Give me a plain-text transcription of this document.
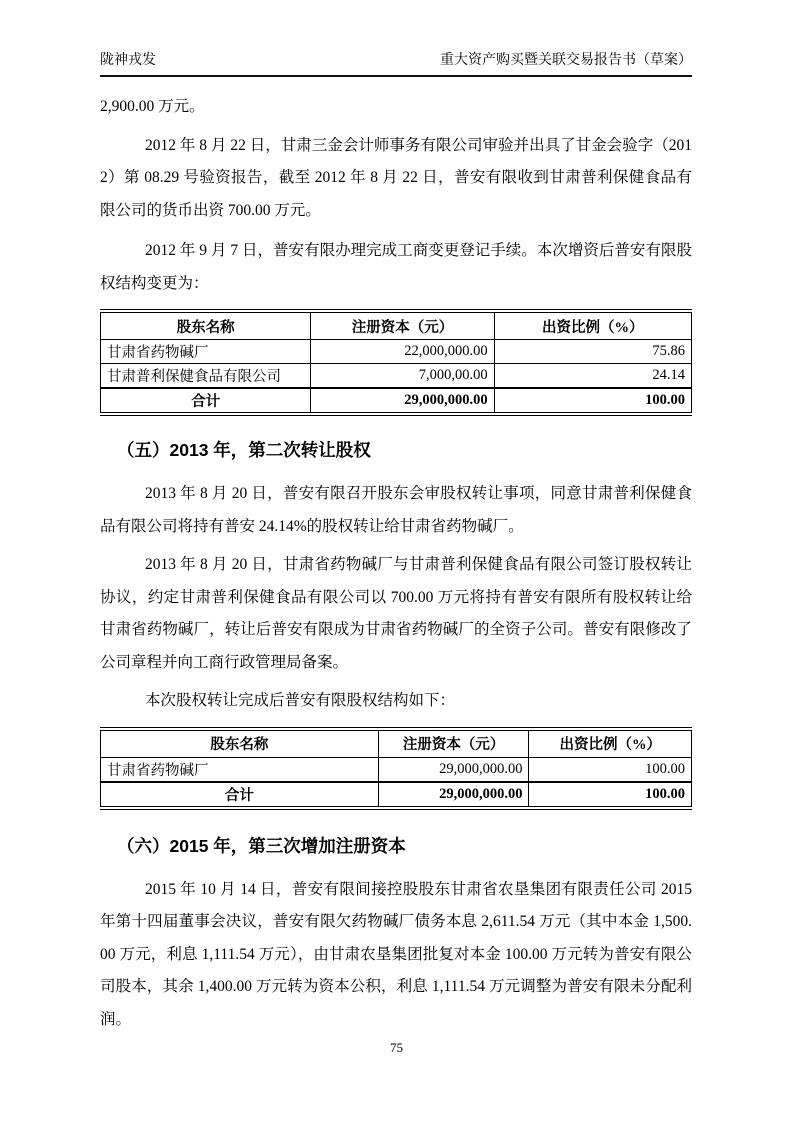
陇神戎发	重大资产购买暨关联交易报告书（草案）

2,900.00 万元。

2012 年 8 月 22 日，甘肃三金会计师事务有限公司审验并出具了甘金会验字（2012）第 08.29 号验资报告，截至 2012 年 8 月 22 日，普安有限收到甘肃普利保健食品有限公司的货币出资 700.00 万元。

2012 年 9 月 7 日，普安有限办理完成工商变更登记手续。本次增资后普安有限股权结构变更为：

股东名称	注册资本（元）	出资比例（%）
甘肃省药物碱厂	22,000,000.00	75.86
甘肃普利保健食品有限公司	7,000,00.00	24.14
合计	29,000,000.00	100.00
（五）2013 年，第二次转让股权

2013 年 8 月 20 日，普安有限召开股东会审股权转让事项，同意甘肃普利保健食品有限公司将持有普安 24.14%的股权转让给甘肃省药物碱厂。

2013 年 8 月 20 日，甘肃省药物碱厂与甘肃普利保健食品有限公司签订股权转让协议，约定甘肃普利保健食品有限公司以 700.00 万元将持有普安有限所有股权转让给甘肃省药物碱厂，转让后普安有限成为甘肃省药物碱厂的全资子公司。普安有限修改了公司章程并向工商行政管理局备案。

本次股权转让完成后普安有限股权结构如下：

股东名称	注册资本（元）	出资比例（%）
甘肃省药物碱厂	29,000,000.00	100.00
合计	29,000,000.00	100.00
（六）2015 年，第三次增加注册资本

2015 年 10 月 14 日，普安有限间接控股股东甘肃省农垦集团有限责任公司 2015 年第十四届董事会决议，普安有限欠药物碱厂债务本息 2,611.54 万元（其中本金 1,500.00 万元，利息 1,111.54 万元），由甘肃农垦集团批复对本金 100.00 万元转为普安有限公司股本，其余 1,400.00 万元转为资本公积，利息 1,111.54 万元调整为普安有限未分配利润。

75
